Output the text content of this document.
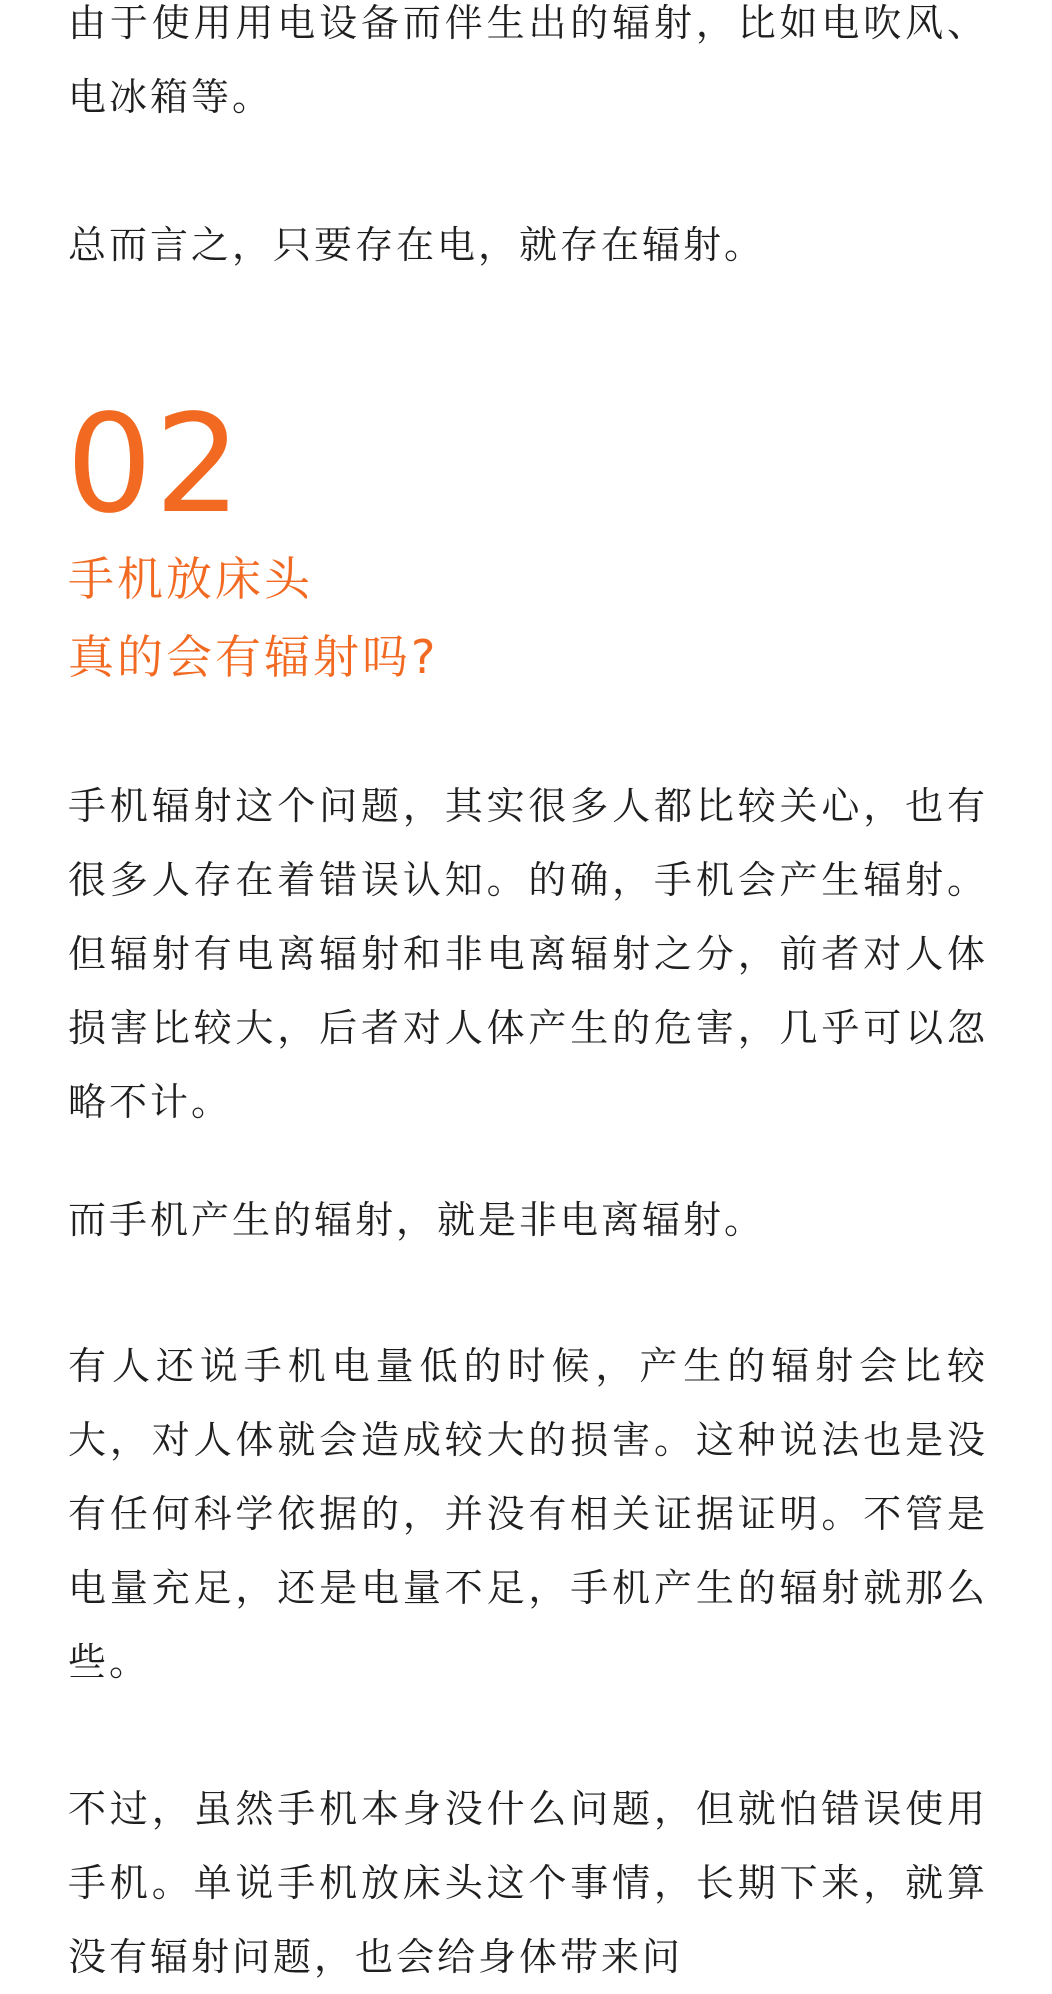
由于使用用电设备而伴生出的辐射，比如电吹风、电冰箱等。

总而言之，只要存在电，就存在辐射。

02
手机放床头
真的会有辐射吗?

手机辐射这个问题，其实很多人都比较关心，也有很多人存在着错误认知。的确，手机会产生辐射。但辐射有电离辐射和非电离辐射之分，前者对人体损害比较大，后者对人体产生的危害，几乎可以忽略不计。

而手机产生的辐射，就是非电离辐射。

有人还说手机电量低的时候，产生的辐射会比较大，对人体就会造成较大的损害。这种说法也是没有任何科学依据的，并没有相关证据证明。不管是电量充足，还是电量不足，手机产生的辐射就那么些。

不过，虽然手机本身没什么问题，但就怕错误使用手机。单说手机放床头这个事情，长期下来，就算没有辐射问题，也会给身体带来问
